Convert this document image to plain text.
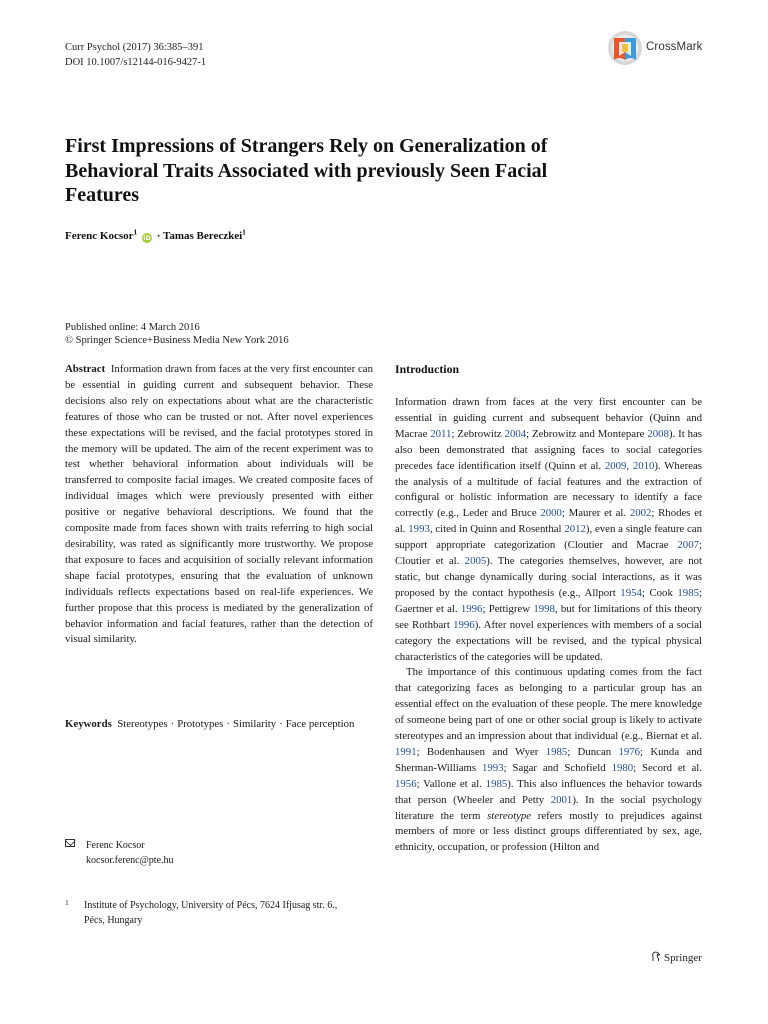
Curr Psychol (2017) 36:385–391
DOI 10.1007/s12144-016-9427-1
CrossMark
First Impressions of Strangers Rely on Generalization of Behavioral Traits Associated with previously Seen Facial Features
Ferenc Kocsor$^1$ iD · Tamas Bereczkei$^1$
Published online: 4 March 2016
© Springer Science+Business Media New York 2016

Abstract Information drawn from faces at the very first encounter can be essential in guiding current and subsequent behavior. These decisions also rely on expectations about what are the characteristic features of those who can be trusted or not. After novel experiences these expectations will be revised, and the facial prototypes stored in the memory will be updated. The aim of the recent experiment was to test whether behavioral information about individuals will be transferred to composite facial images. We created composite faces of individual images which were previously presented with either positive or negative behavioral descriptions. We found that the composite made from faces shown with traits referring to high social desirability, was rated as significantly more trustworthy. We propose that exposure to faces and acquisition of socially relevant information shape facial prototypes, ensuring that the evaluation of unknown individuals reflects expectations based on real-life experiences. We further propose that this process is mediated by the generalization of behavior information and facial features, rather than the detection of visual similarity.

Keywords Stereotypes · Prototypes · Similarity · Face perception
Ferenc Kocsor
kocsor.ferenc@pte.hu
1 Institute of Psychology, University of Pécs, 7624 Ifjusag str. 6.,
Pécs, Hungary
Introduction

Information drawn from faces at the very first encounter can be essential in guiding current and subsequent behavior (Quinn and Macrae 2011; Zebrowitz 2004; Zebrowitz and Montepare 2008). It has also been demonstrated that assigning faces to social categories precedes face identification itself (Quinn et al. 2009, 2010). Whereas the analysis of a multitude of facial features and the extraction of configural or holistic information are necessary to identify a face correctly (e.g., Leder and Bruce 2000; Maurer et al. 2002; Rhodes et al. 1993, cited in Quinn and Rosenthal 2012), even a single feature can support appropriate categorization (Cloutier and Macrae 2007; Cloutier et al. 2005). The categories themselves, however, are not static, but change dynamically during social interactions, as it was proposed by the contact hypothesis (e.g., Allport 1954; Cook 1985; Gaertner et al. 1996; Pettigrew 1998, but for limitations of this theory see Rothbart 1996). After novel experiences with members of a social category the expectations will be revised, and the typical physical characteristics of the categories will be updated.

The importance of this continuous updating comes from the fact that categorizing faces as belonging to a particular group has an essential effect on the evaluation of these people. The mere knowledge of someone being part of one or other social group is likely to activate stereotypes and an impression about that individual (e.g., Biernat et al. 1991; Bodenhausen and Wyer 1985; Duncan 1976; Kunda and Sherman-Williams 1993; Sagar and Schofield 1980; Secord et al. 1956; Vallone et al. 1985). This also influences the behavior towards that person (Wheeler and Petty 2001). In the social psychology literature the term stereotype refers mostly to prejudices against members of more or less distinct groups differentiated by sex, age, ethnicity, occupation, or profession (Hilton and

Springer
